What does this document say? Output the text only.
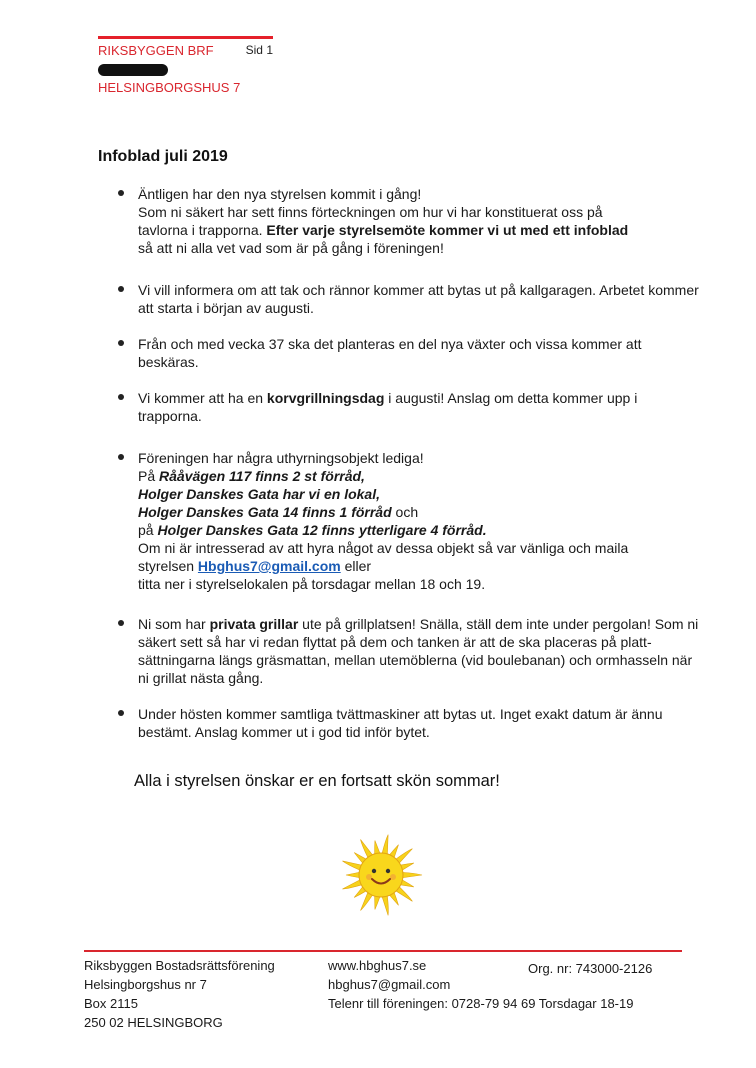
RIKSBYGGEN BRF	Sid 1
HELSINGBORGSHUS 7
Infoblad juli 2019

Äntligen har den nya styrelsen kommit i gång!
Som ni säkert har sett finns förteckningen om hur vi har konstituerat oss på
tavlorna i trapporna. Efter varje styrelsemöte kommer vi ut med ett infoblad
så att ni alla vet vad som är på gång i föreningen!

Vi vill informera om att tak och rännor kommer att bytas ut på kallgaragen. Arbetet kommer att starta i början av augusti.

Från och med vecka 37 ska det planteras en del nya växter och vissa kommer att beskäras.

Vi kommer att ha en korvgrillningsdag i augusti! Anslag om detta kommer upp i trapporna.

Föreningen har några uthyrningsobjekt lediga!
På Rååvägen 117 finns 2 st förråd,
Holger Danskes Gata har vi en lokal,
Holger Danskes Gata 14 finns 1 förråd och
på Holger Danskes Gata 12 finns ytterligare 4 förråd.
Om ni är intresserad av att hyra något av dessa objekt så var vänliga och maila
styrelsen Hbghus7@gmail.com eller
titta ner i styrelselokalen på torsdagar mellan 18 och 19.

Ni som har privata grillar ute på grillplatsen! Snälla, ställ dem inte under pergolan! Som ni säkert sett så har vi redan flyttat på dem och tanken är att de ska placeras på platt-sättningarna längs gräsmattan, mellan utemöblerna (vid boulebanan) och ormhasseln när ni grillat nästa gång.

Under hösten kommer samtliga tvättmaskiner att bytas ut. Inget exakt datum är ännu bestämt. Anslag kommer ut i god tid inför bytet.

Alla i styrelsen önskar er en fortsatt skön sommar!
Riksbyggen Bostadsrättsförening
Helsingborgshus nr 7
Box 2115
250 02 HELSINGBORG
www.hbghus7.se
hbghus7@gmail.com
Telenr till föreningen: 0728-79 94 69 Torsdagar 18-19
Org. nr: 743000-2126
